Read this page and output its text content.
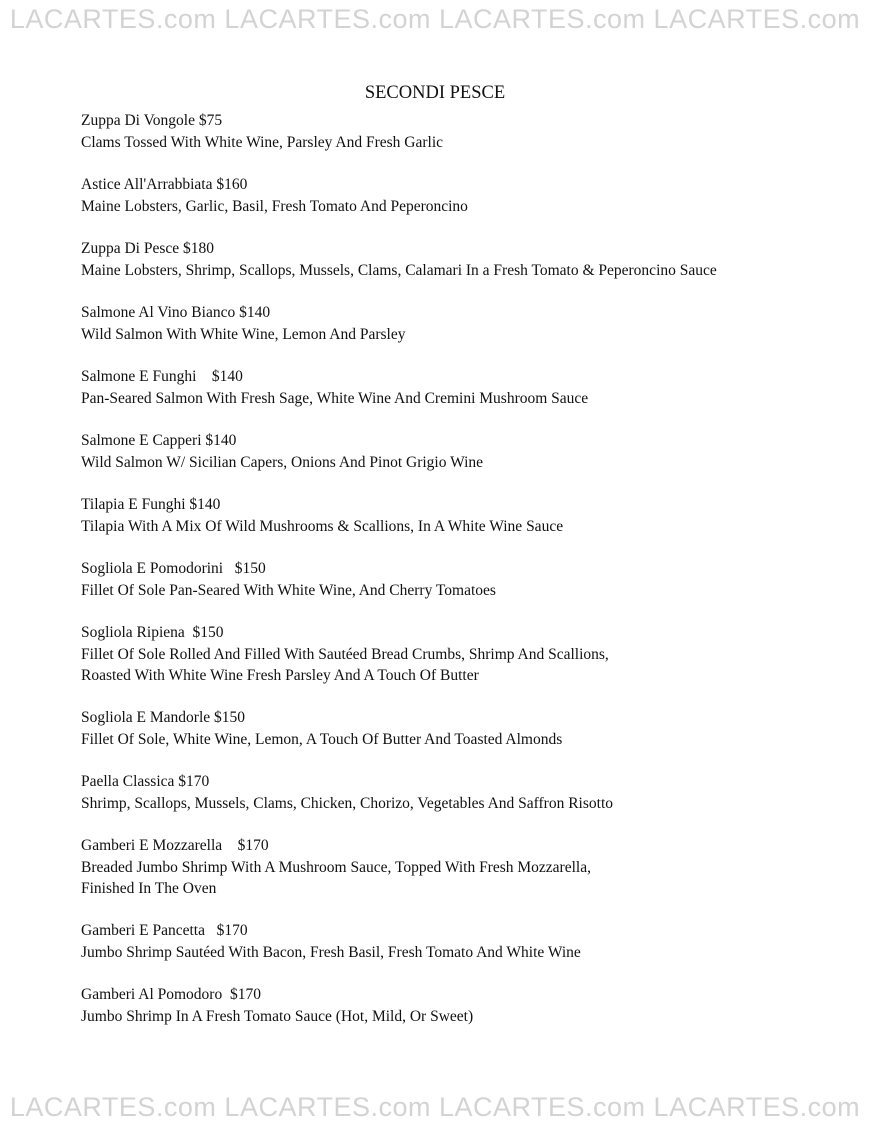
LACARTES.com LACARTES.com LACARTES.com LACARTES.com
SECONDI PESCE
Zuppa Di Vongole $75
Clams Tossed With White Wine, Parsley And Fresh Garlic
Astice All'Arrabbiata $160
Maine Lobsters, Garlic, Basil, Fresh Tomato And Peperoncino
Zuppa Di Pesce $180
Maine Lobsters, Shrimp, Scallops, Mussels, Clams, Calamari In a Fresh Tomato & Peperoncino Sauce
Salmone Al Vino Bianco $140
Wild Salmon With White Wine, Lemon And Parsley
Salmone E Funghi    $140
Pan-Seared Salmon With Fresh Sage, White Wine And Cremini Mushroom Sauce
Salmone E Capperi $140
Wild Salmon W/ Sicilian Capers, Onions And Pinot Grigio Wine
Tilapia E Funghi $140
Tilapia With A Mix Of Wild Mushrooms & Scallions, In A White Wine Sauce
Sogliola E Pomodorini   $150
Fillet Of Sole Pan-Seared With White Wine, And Cherry Tomatoes
Sogliola Ripiena  $150
Fillet Of Sole Rolled And Filled With Sautéed Bread Crumbs, Shrimp And Scallions,
Roasted With White Wine Fresh Parsley And A Touch Of Butter
Sogliola E Mandorle $150
Fillet Of Sole, White Wine, Lemon, A Touch Of Butter And Toasted Almonds
Paella Classica $170
Shrimp, Scallops, Mussels, Clams, Chicken, Chorizo, Vegetables And Saffron Risotto
Gamberi E Mozzarella    $170
Breaded Jumbo Shrimp With A Mushroom Sauce, Topped With Fresh Mozzarella,
Finished In The Oven
Gamberi E Pancetta   $170
Jumbo Shrimp Sautéed With Bacon, Fresh Basil, Fresh Tomato And White Wine
Gamberi Al Pomodoro  $170
Jumbo Shrimp In A Fresh Tomato Sauce (Hot, Mild, Or Sweet)
LACARTES.com LACARTES.com LACARTES.com LACARTES.com
